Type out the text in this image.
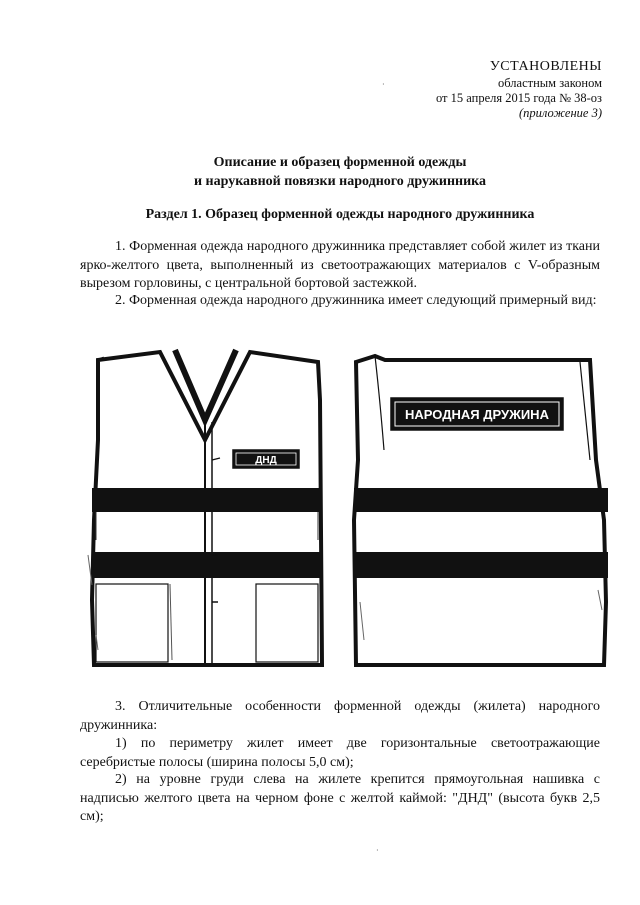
УСТАНОВЛЕНЫ
областным законом
от 15 апреля 2015 года № 38-оз
(приложение 3)
Описание и образец форменной одежды
и нарукавной повязки народного дружинника
Раздел 1. Образец форменной одежды народного дружинника
1. Форменная одежда народного дружинника представляет собой жилет из ткани ярко-желтого цвета, выполненный из светоотражающих материалов с V-образным вырезом горловины, с центральной бортовой застежкой.
2. Форменная одежда народного дружинника имеет следующий примерный вид:
ДНД
НАРОДНАЯ ДРУЖИНА
3. Отличительные особенности форменной одежды (жилета) народного дружинника:
1) по периметру жилет имеет две горизонтальные светоотражающие серебристые полосы (ширина полосы 5,0 см);
2) на уровне груди слева на жилете крепится прямоугольная нашивка с надписью желтого цвета на черном фоне с желтой каймой: "ДНД" (высота букв 2,5 см);
·
·
